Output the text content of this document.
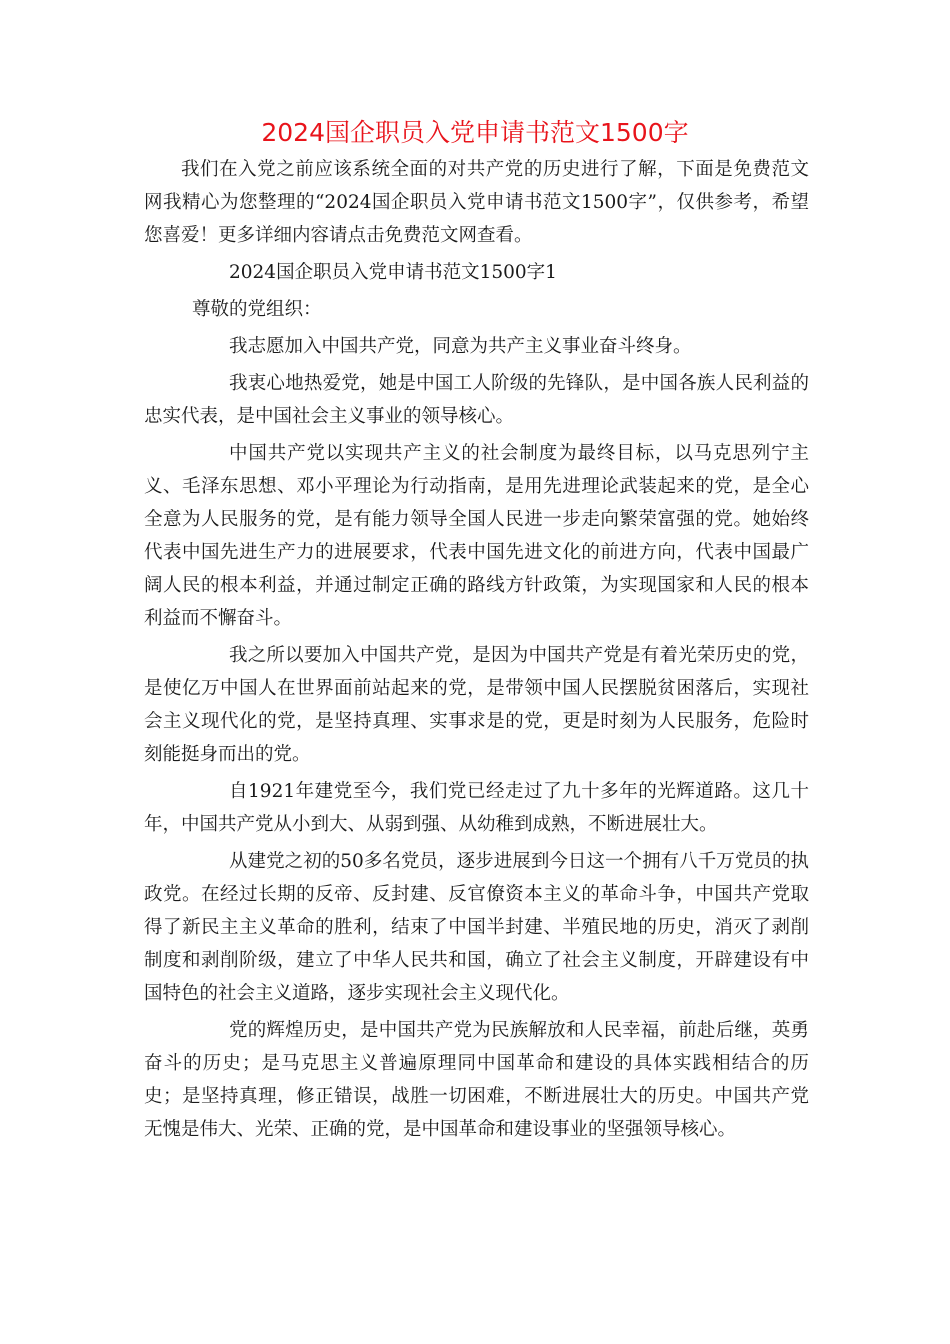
2024国企职员入党申请书范文1500字

我们在入党之前应该系统全面的对共产党的历史进行了解，下面是免费范文网我精心为您整理的“2024国企职员入党申请书范文1500字”，仅供参考，希望您喜爱！更多详细内容请点击免费范文网查看。

2024国企职员入党申请书范文1500字1

尊敬的党组织：

我志愿加入中国共产党，同意为共产主义事业奋斗终身。

我衷心地热爱党，她是中国工人阶级的先锋队，是中国各族人民利益的忠实代表，是中国社会主义事业的领导核心。

中国共产党以实现共产主义的社会制度为最终目标，以马克思列宁主义、毛泽东思想、邓小平理论为行动指南，是用先进理论武装起来的党，是全心全意为人民服务的党，是有能力领导全国人民进一步走向繁荣富强的党。她始终代表中国先进生产力的进展要求，代表中国先进文化的前进方向，代表中国最广阔人民的根本利益，并通过制定正确的路线方针政策，为实现国家和人民的根本利益而不懈奋斗。

我之所以要加入中国共产党，是因为中国共产党是有着光荣历史的党，是使亿万中国人在世界面前站起来的党，是带领中国人民摆脱贫困落后，实现社会主义现代化的党，是坚持真理、实事求是的党，更是时刻为人民服务，危险时刻能挺身而出的党。

自1921年建党至今，我们党已经走过了九十多年的光辉道路。这几十年，中国共产党从小到大、从弱到强、从幼稚到成熟，不断进展壮大。

从建党之初的50多名党员，逐步进展到今日这一个拥有八千万党员的执政党。在经过长期的反帝、反封建、反官僚资本主义的革命斗争，中国共产党取得了新民主主义革命的胜利，结束了中国半封建、半殖民地的历史，消灭了剥削制度和剥削阶级，建立了中华人民共和国，确立了社会主义制度，开辟建设有中国特色的社会主义道路，逐步实现社会主义现代化。

党的辉煌历史，是中国共产党为民族解放和人民幸福，前赴后继，英勇奋斗的历史；是马克思主义普遍原理同中国革命和建设的具体实践相结合的历史；是坚持真理，修正错误，战胜一切困难，不断进展壮大的历史。中国共产党无愧是伟大、光荣、正确的党，是中国革命和建设事业的坚强领导核心。
